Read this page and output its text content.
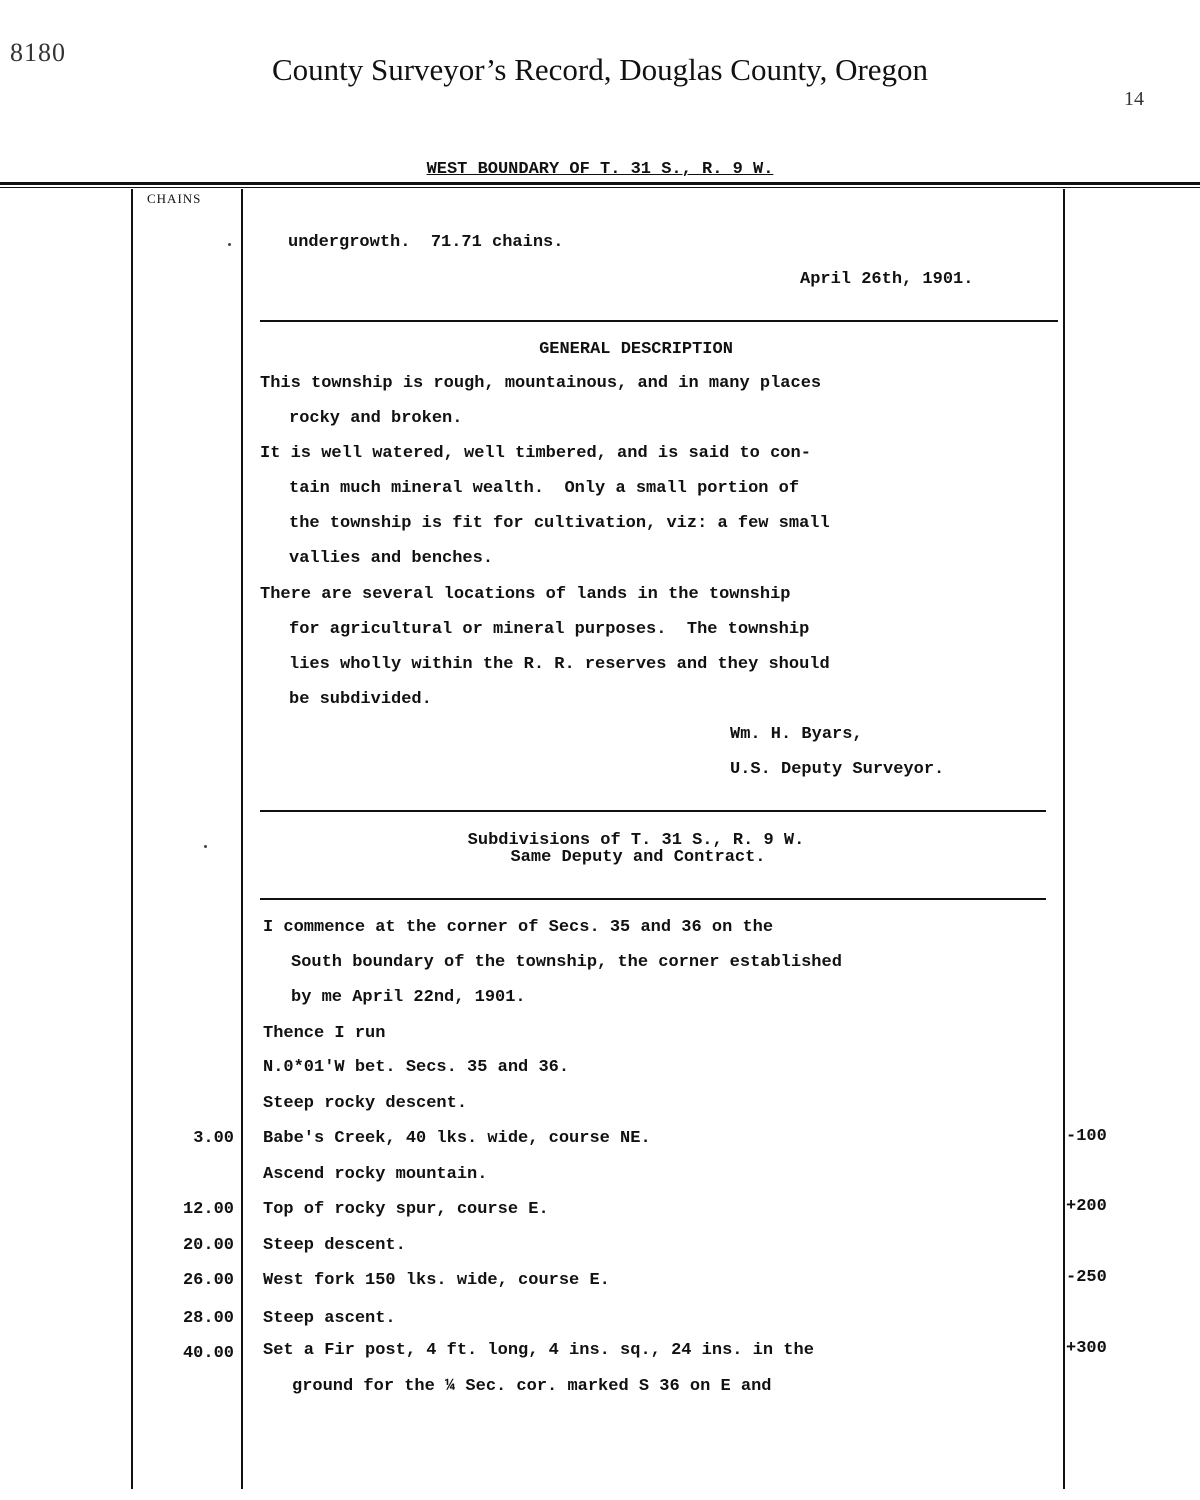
8180	County Surveyor’s Record, Douglas County, Oregon
14
WEST BOUNDARY OF T. 31 S., R. 9 W.
CHAINS
undergrowth.  71.71 chains.
April 26th, 1901.
GENERAL DESCRIPTION
This township is rough, mountainous, and in many places
rocky and broken.
It is well watered, well timbered, and is said to con-
tain much mineral wealth.  Only a small portion of
the township is fit for cultivation, viz: a few small
vallies and benches.
There are several locations of lands in the township
for agricultural or mineral purposes.  The township
lies wholly within the R. R. reserves and they should
be subdivided.
Wm. H. Byars,
U.S. Deputy Surveyor.
Subdivisions of T. 31 S., R. 9 W.
Same Deputy and Contract.
I commence at the corner of Secs. 35 and 36 on the
South boundary of the township, the corner established
by me April 22nd, 1901.
Thence I run
N.0*01'W bet. Secs. 35 and 36.
Steep rocky descent.
3.00 Babe's Creek, 40 lks. wide, course NE.	-100
Ascend rocky mountain.
12.00 Top of rocky spur, course E.	+200
20.00 Steep descent.
26.00 West fork 150 lks. wide, course E.	-250
28.00 Steep ascent.
40.00 Set a Fir post, 4 ft. long, 4 ins. sq., 24 ins. in the	+300
ground for the ¼ Sec. cor. marked S 36 on E and
